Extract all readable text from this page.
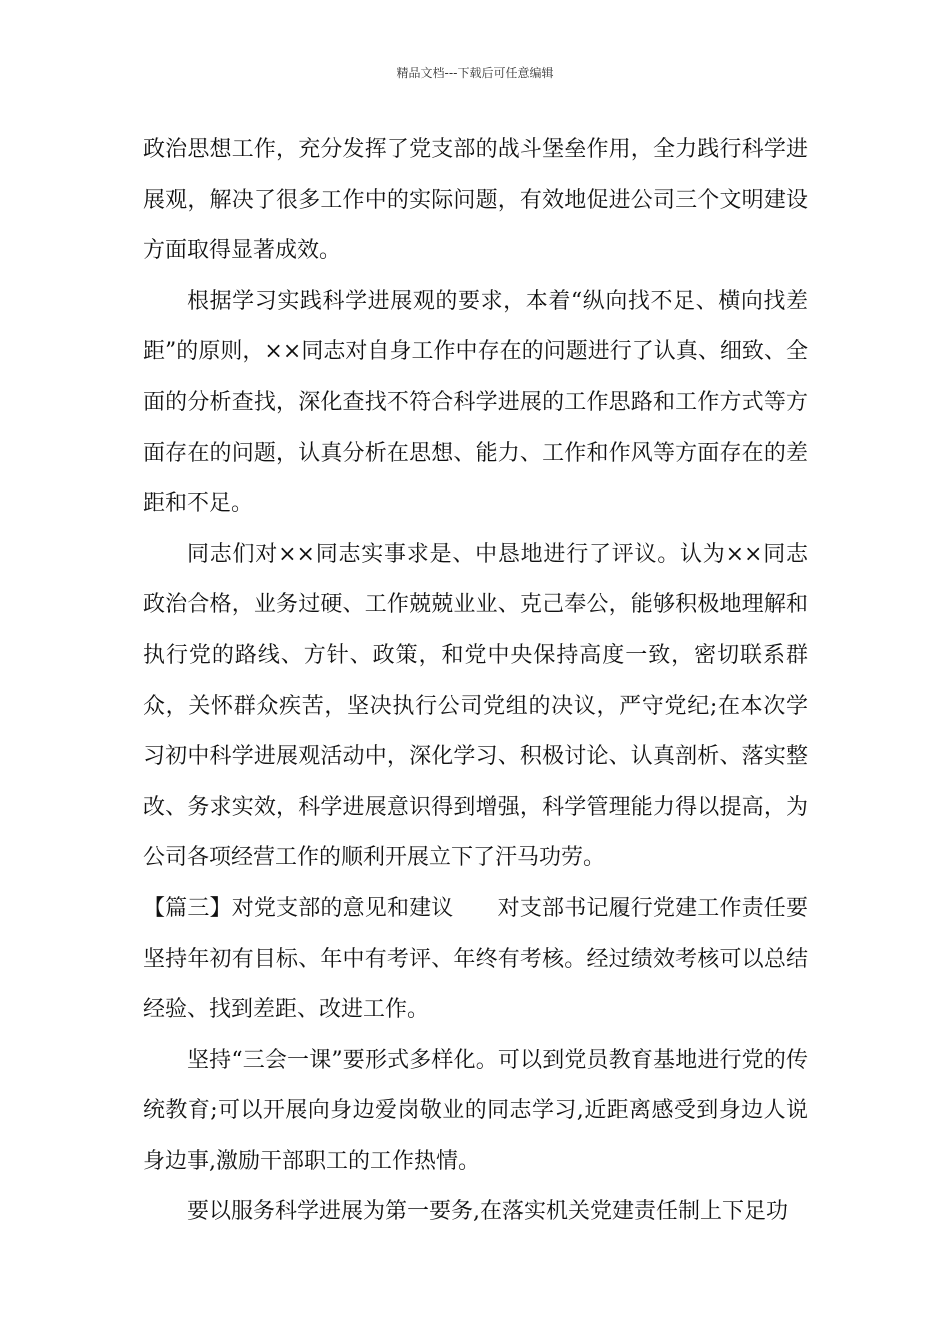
精品文档---下载后可任意编辑

政治思想工作，充分发挥了党支部的战斗堡垒作用，全力践行科学进展观，解决了很多工作中的实际问题，有效地促进公司三个文明建设方面取得显著成效。

根据学习实践科学进展观的要求，本着“纵向找不足、横向找差距”的原则，××同志对自身工作中存在的问题进行了认真、细致、全面的分析查找，深化查找不符合科学进展的工作思路和工作方式等方面存在的问题，认真分析在思想、能力、工作和作风等方面存在的差距和不足。

同志们对××同志实事求是、中恳地进行了评议。认为××同志政治合格，业务过硬、工作兢兢业业、克己奉公，能够积极地理解和执行党的路线、方针、政策，和党中央保持高度一致，密切联系群众，关怀群众疾苦，坚决执行公司党组的决议，严守党纪;在本次学习初中科学进展观活动中，深化学习、积极讨论、认真剖析、落实整改、务求实效，科学进展意识得到增强，科学管理能力得以提高，为公司各项经营工作的顺利开展立下了汗马功劳。

【篇三】对党支部的意见和建议 对支部书记履行党建工作责任要坚持年初有目标、年中有考评、年终有考核。经过绩效考核可以总结经验、找到差距、改进工作。

坚持“三会一课”要形式多样化。可以到党员教育基地进行党的传统教育;可以开展向身边爱岗敬业的同志学习,近距离感受到身边人说身边事,激励干部职工的工作热情。

要以服务科学进展为第一要务,在落实机关党建责任制上下足功
